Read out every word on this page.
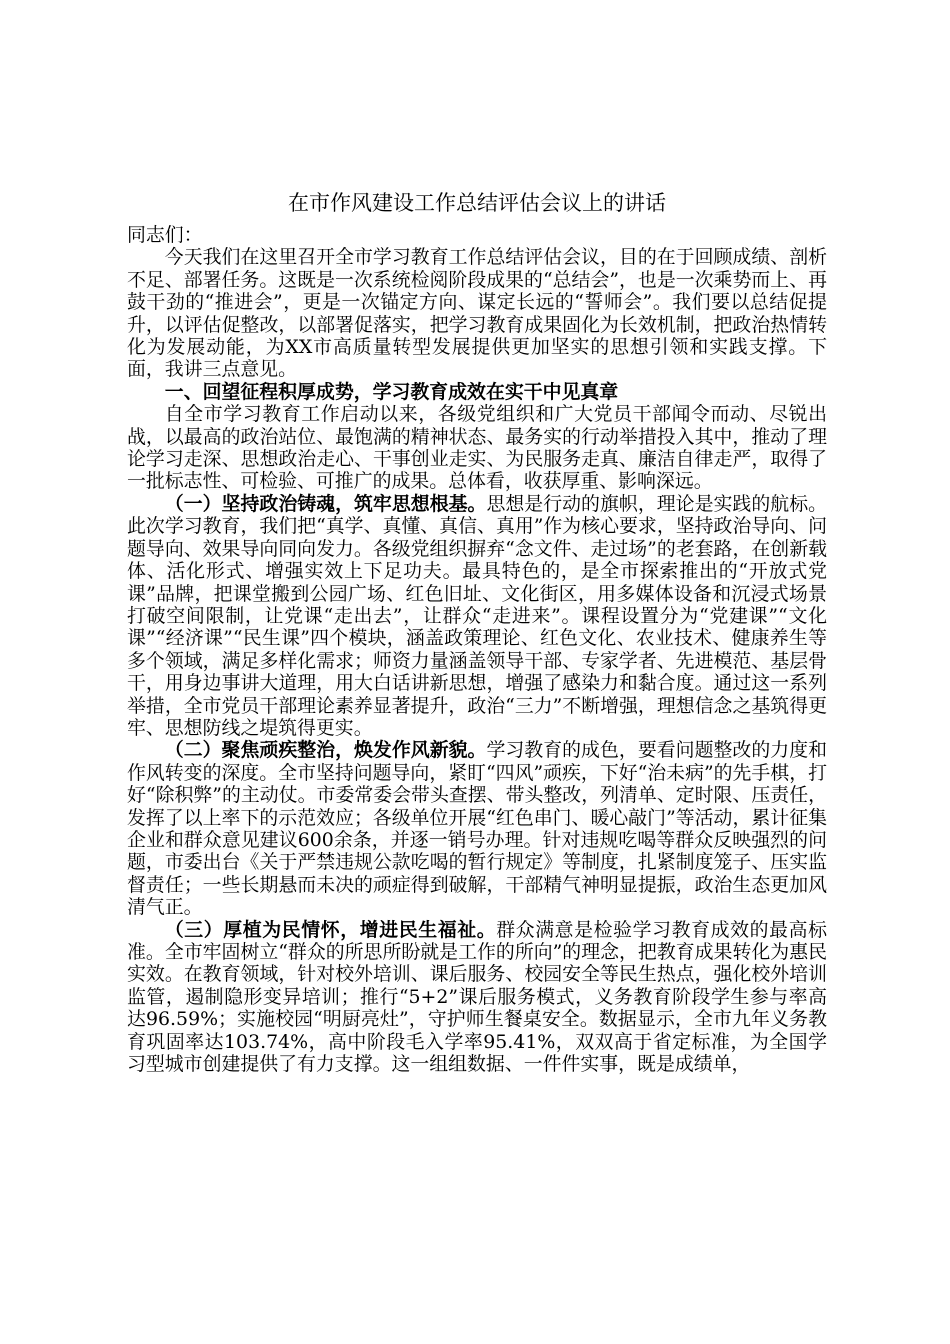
在市作风建设工作总结评估会议上的讲话
同志们：

今天我们在这里召开全市学习教育工作总结评估会议，目的在于回顾成绩、剖析不足、部署任务。这既是一次系统检阅阶段成果的“总结会”，也是一次乘势而上、再鼓干劲的“推进会”，更是一次锚定方向、谋定长远的“誓师会”。我们要以总结促提升，以评估促整改，以部署促落实，把学习教育成果固化为长效机制，把政治热情转化为发展动能，为XX市高质量转型发展提供更加坚实的思想引领和实践支撑。下面，我讲三点意见。

一、回望征程积厚成势，学习教育成效在实干中见真章

自全市学习教育工作启动以来，各级党组织和广大党员干部闻令而动、尽锐出战，以最高的政治站位、最饱满的精神状态、最务实的行动举措投入其中，推动了理论学习走深、思想政治走心、干事创业走实、为民服务走真、廉洁自律走严，取得了一批标志性、可检验、可推广的成果。总体看，收获厚重、影响深远。

（一）坚持政治铸魂，筑牢思想根基。思想是行动的旗帜，理论是实践的航标。此次学习教育，我们把“真学、真懂、真信、真用”作为核心要求，坚持政治导向、问题导向、效果导向同向发力。各级党组织摒弃“念文件、走过场”的老套路，在创新载体、活化形式、增强实效上下足功夫。最具特色的，是全市探索推出的“开放式党课”品牌，把课堂搬到公园广场、红色旧址、文化街区，用多媒体设备和沉浸式场景打破空间限制，让党课“走出去”，让群众“走进来”。课程设置分为“党建课”“文化课”“经济课”“民生课”四个模块，涵盖政策理论、红色文化、农业技术、健康养生等多个领域，满足多样化需求；师资力量涵盖领导干部、专家学者、先进模范、基层骨干，用身边事讲大道理，用大白话讲新思想，增强了感染力和黏合度。通过这一系列举措，全市党员干部理论素养显著提升，政治“三力”不断增强，理想信念之基筑得更牢、思想防线之堤筑得更实。

（二）聚焦顽疾整治，焕发作风新貌。学习教育的成色，要看问题整改的力度和作风转变的深度。全市坚持问题导向，紧盯“四风”顽疾，下好“治未病”的先手棋，打好“除积弊”的主动仗。市委常委会带头查摆、带头整改，列清单、定时限、压责任，发挥了以上率下的示范效应；各级单位开展“红色串门、暖心敲门”等活动，累计征集企业和群众意见建议600余条，并逐一销号办理。针对违规吃喝等群众反映强烈的问题，市委出台《关于严禁违规公款吃喝的暂行规定》等制度，扎紧制度笼子、压实监督责任；一些长期悬而未决的顽症得到破解，干部精气神明显提振，政治生态更加风清气正。

（三）厚植为民情怀，增进民生福祉。群众满意是检验学习教育成效的最高标准。全市牢固树立“群众的所思所盼就是工作的所向”的理念，把教育成果转化为惠民实效。在教育领域，针对校外培训、课后服务、校园安全等民生热点，强化校外培训监管，遏制隐形变异培训；推行“5+2”课后服务模式，义务教育阶段学生参与率高达96.59%；实施校园“明厨亮灶”，守护师生餐桌安全。数据显示，全市九年义务教育巩固率达103.74%，高中阶段毛入学率95.41%，双双高于省定标准，为全国学习型城市创建提供了有力支撑。这一组组数据、一件件实事，既是成绩单，
